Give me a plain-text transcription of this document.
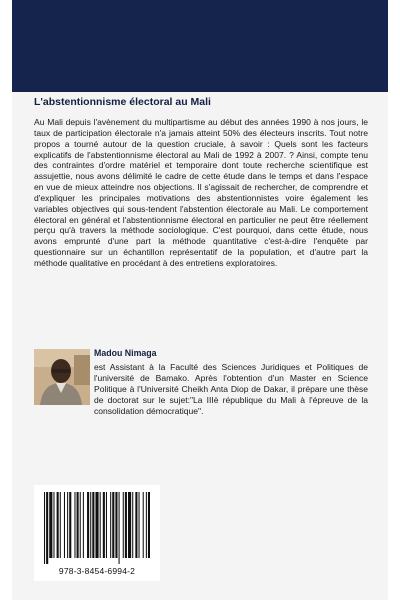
L'abstentionnisme électoral au Mali

Au Mali depuis l'avènement du multipartisme au début des années 1990 à nos jours, le taux de participation électorale n'a jamais atteint 50% des électeurs inscrits. Tout notre propos a tourné autour de la question cruciale, à savoir : Quels sont les facteurs explicatifs de l'abstentionnisme électoral au Mali de 1992 à 2007. ? Ainsi, compte tenu des contraintes d'ordre matériel et temporaire dont toute recherche scientifique est assujettie, nous avons délimité le cadre de cette étude dans le temps et dans l'espace en vue de mieux atteindre nos objections. Il s'agissait de rechercher, de comprendre et d'expliquer les principales motivations des abstentionnistes voire également les variables objectives qui sous-tendent l'abstention électorale au Mali. Le comportement électoral en général et l'abstentionnisme électoral en particulier ne peut être réellement perçu qu'à travers la méthode sociologique. C'est pourquoi, dans cette étude, nous avons emprunté d'une part la méthode quantitative c'est-à-dire l'enquête par questionnaire sur un échantillon représentatif de la population, et d'autre part la méthode qualitative en procédant à des entretiens exploratoires.

Madou Nimaga

est Assistant à la Faculté des Sciences Juridiques et Politiques de l'université de Bamako. Après l'obtention d'un Master en Science Politique à l'Université Cheikh Anta Diop de Dakar, il prépare une thèse de doctorat sur le sujet:"La IIIè république du Mali à l'épreuve de la consolidation démocratique".

978-3-8454-6994-2
